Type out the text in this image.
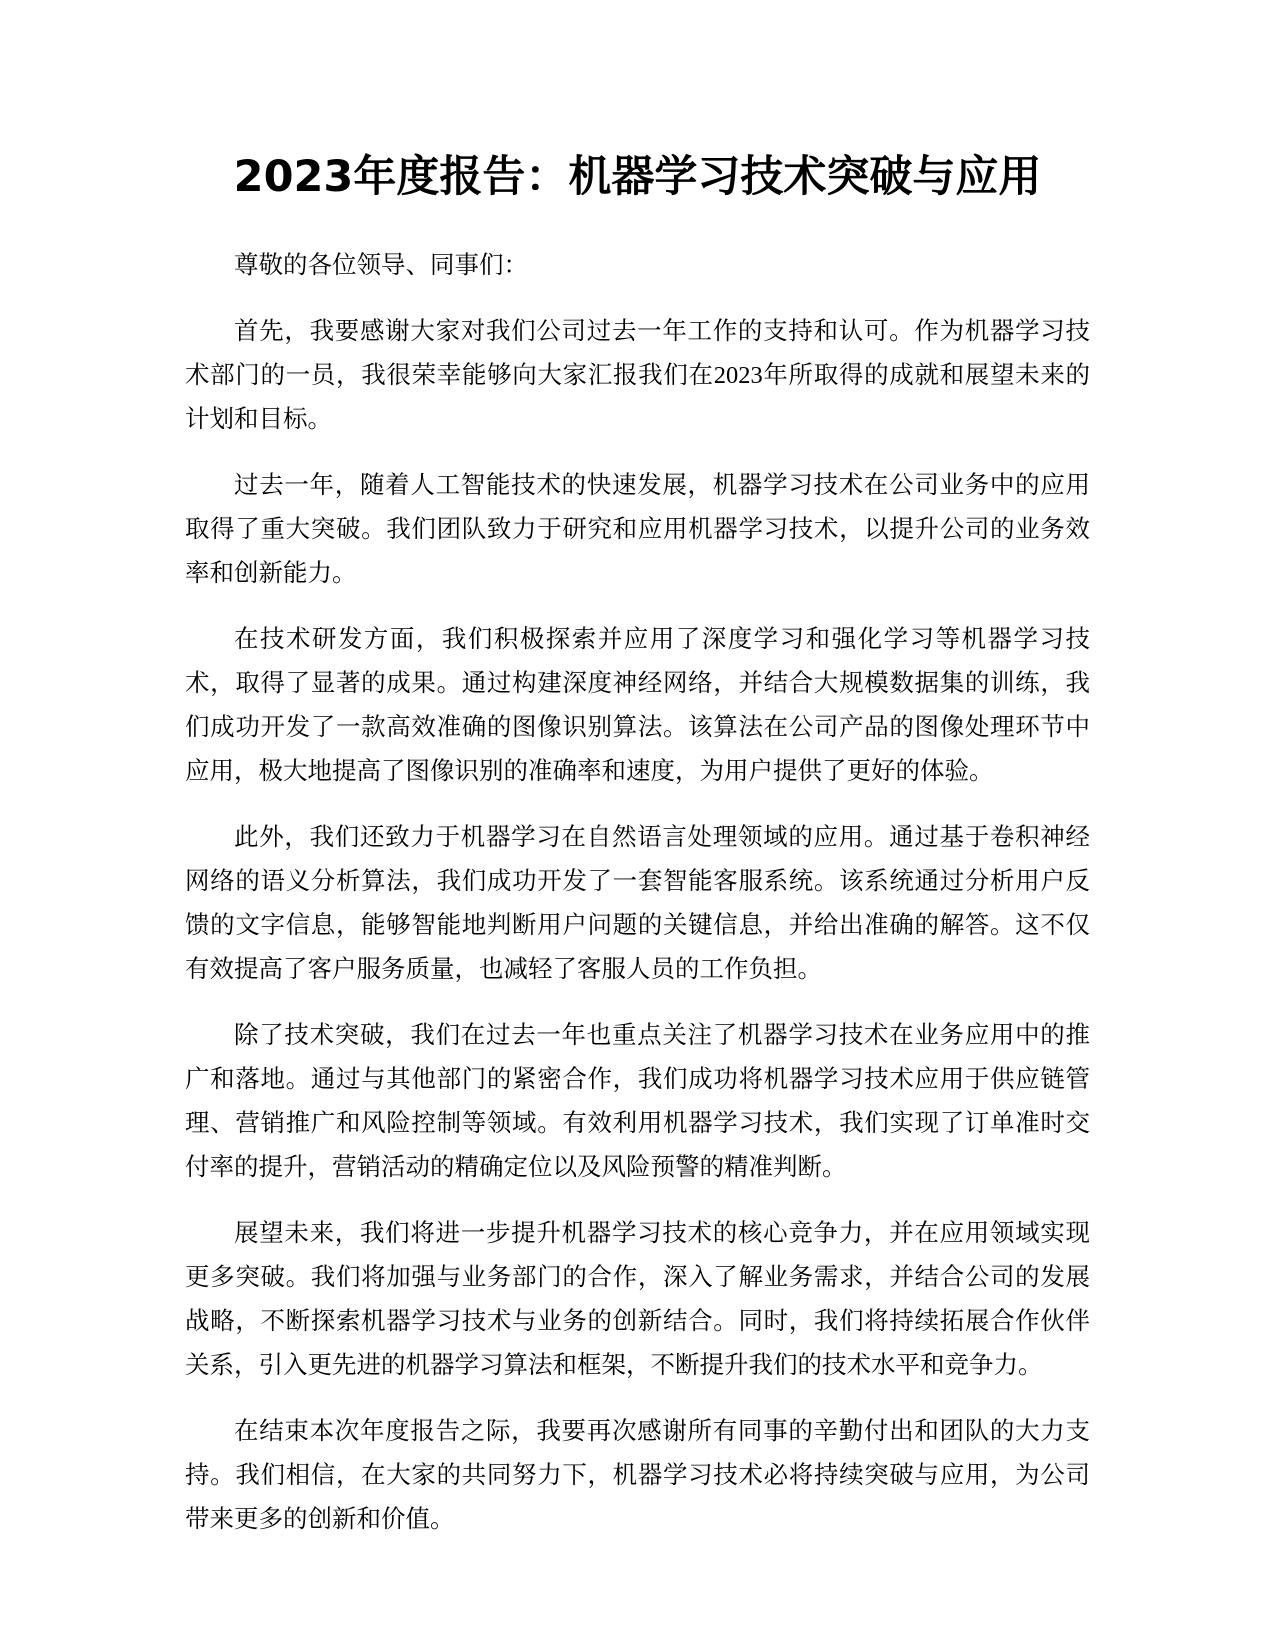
2023年度报告：机器学习技术突破与应用

尊敬的各位领导、同事们：

首先，我要感谢大家对我们公司过去一年工作的支持和认可。作为机器学习技术部门的一员，我很荣幸能够向大家汇报我们在2023年所取得的成就和展望未来的计划和目标。

过去一年，随着人工智能技术的快速发展，机器学习技术在公司业务中的应用取得了重大突破。我们团队致力于研究和应用机器学习技术，以提升公司的业务效率和创新能力。

在技术研发方面，我们积极探索并应用了深度学习和强化学习等机器学习技术，取得了显著的成果。通过构建深度神经网络，并结合大规模数据集的训练，我们成功开发了一款高效准确的图像识别算法。该算法在公司产品的图像处理环节中应用，极大地提高了图像识别的准确率和速度，为用户提供了更好的体验。

此外，我们还致力于机器学习在自然语言处理领域的应用。通过基于卷积神经网络的语义分析算法，我们成功开发了一套智能客服系统。该系统通过分析用户反馈的文字信息，能够智能地判断用户问题的关键信息，并给出准确的解答。这不仅有效提高了客户服务质量，也减轻了客服人员的工作负担。

除了技术突破，我们在过去一年也重点关注了机器学习技术在业务应用中的推广和落地。通过与其他部门的紧密合作，我们成功将机器学习技术应用于供应链管理、营销推广和风险控制等领域。有效利用机器学习技术，我们实现了订单准时交付率的提升，营销活动的精确定位以及风险预警的精准判断。

展望未来，我们将进一步提升机器学习技术的核心竞争力，并在应用领域实现更多突破。我们将加强与业务部门的合作，深入了解业务需求，并结合公司的发展战略，不断探索机器学习技术与业务的创新结合。同时，我们将持续拓展合作伙伴关系，引入更先进的机器学习算法和框架，不断提升我们的技术水平和竞争力。

在结束本次年度报告之际，我要再次感谢所有同事的辛勤付出和团队的大力支持。我们相信，在大家的共同努力下，机器学习技术必将持续突破与应用，为公司带来更多的创新和价值。
